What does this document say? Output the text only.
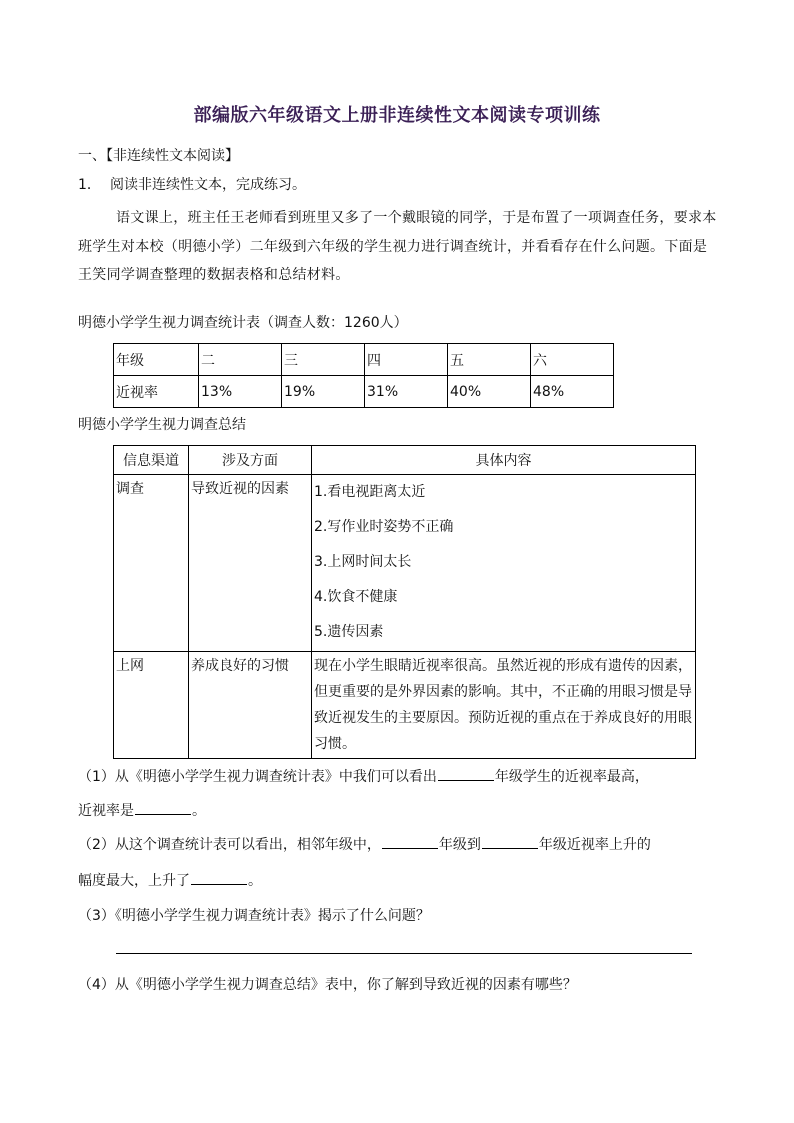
部编版六年级语文上册非连续性文本阅读专项训练
一、【非连续性文本阅读】
1． 阅读非连续性文本，完成练习。
语文课上，班主任王老师看到班里又多了一个戴眼镜的同学，于是布置了一项调查任务，要求本班学生对本校（明德小学）二年级到六年级的学生视力进行调查统计，并看看存在什么问题。下面是王笑同学调查整理的数据表格和总结材料。
明德小学学生视力调查统计表（调查人数：1260人）
年级	二	三	四	五	六
近视率	13%	19%	31%	40%	48%
明德小学学生视力调查总结
信息渠道	涉及方面	具体内容

调查	导致近视的因素	1.看电视距离太近
2.写作业时姿势不正确
3.上网时间太长
4.饮食不健康
5.遗传因素

上网	养成良好的习惯	现在小学生眼睛近视率很高。虽然近视的形成有遗传的因素，但更重要的是外界因素的影响。其中，不正确的用眼习惯是导致近视发生的主要原因。预防近视的重点在于养成良好的用眼习惯。
（1）从《明德小学学生视力调查统计表》中我们可以看出	年级学生的近视率最高，
近视率是	。
（2）从这个调查统计表可以看出，相邻年级中，	年级到	年级近视率上升的
幅度最大，上升了	。
（3）《明德小学学生视力调查统计表》揭示了什么问题？
（4）从《明德小学学生视力调查总结》表中，你了解到导致近视的因素有哪些？
